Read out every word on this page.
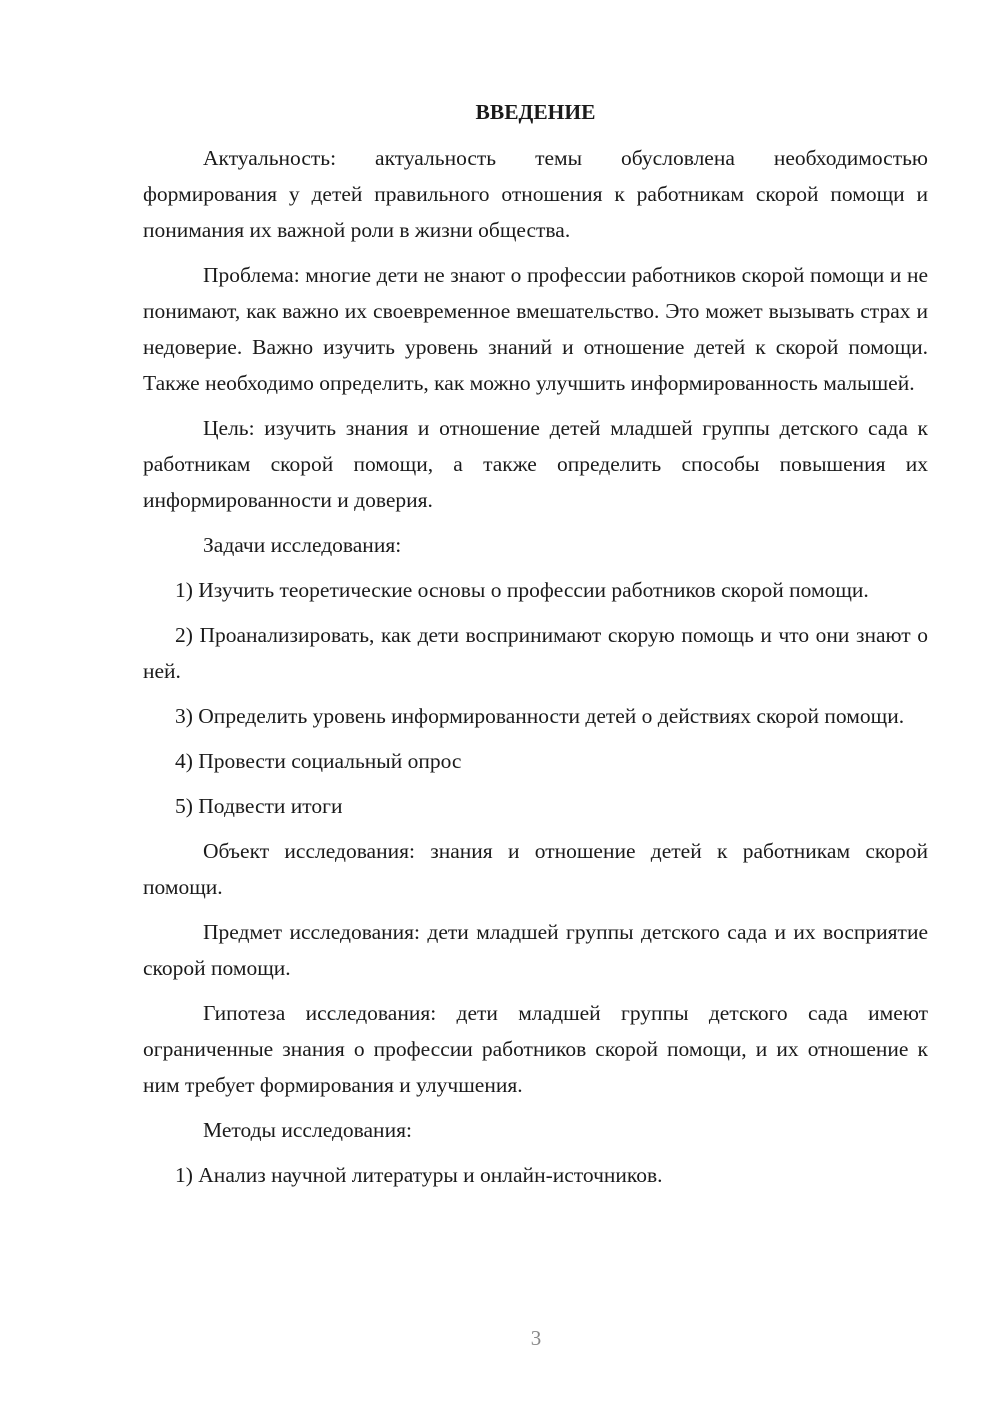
ВВЕДЕНИЕ

Актуальность: актуальность темы обусловлена необходимостью формирования у детей правильного отношения к работникам скорой помощи и понимания их важной роли в жизни общества.

Проблема: многие дети не знают о профессии работников скорой помощи и не понимают, как важно их своевременное вмешательство. Это может вызывать страх и недоверие. Важно изучить уровень знаний и отношение детей к скорой помощи. Также необходимо определить, как можно улучшить информированность малышей.

Цель: изучить знания и отношение детей младшей группы детского сада к работникам скорой помощи, а также определить способы повышения их информированности и доверия.

Задачи исследования:

1) Изучить теоретические основы о профессии работников скорой помощи.

2) Проанализировать, как дети воспринимают скорую помощь и что они знают о ней.

3) Определить уровень информированности детей о действиях скорой помощи.

4) Провести социальный опрос

5) Подвести итоги

Объект исследования: знания и отношение детей к работникам скорой помощи.

Предмет исследования: дети младшей группы детского сада и их восприятие скорой помощи.

Гипотеза исследования: дети младшей группы детского сада имеют ограниченные знания о профессии работников скорой помощи, и их отношение к ним требует формирования и улучшения.

Методы исследования:

1) Анализ научной литературы и онлайн-источников.

3
